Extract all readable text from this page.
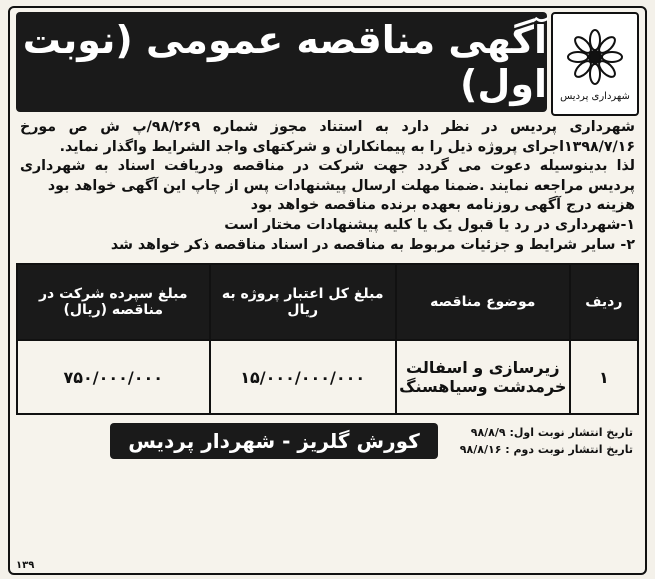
شهرداری پردیس
آگهی مناقصه عمومی (نوبت اول)

شهرداری پردیس در نظر دارد به استناد مجوز شماره ۹۸/۲۶۹/پ ش ص مورخ ۱۳۹۸/۷/۱۶اجرای پروژه ذیل را به پیمانکاران و شرکتهای واجد الشرایط واگذار نماید.

لذا بدینوسیله دعوت می گردد جهت شرکت در مناقصه ودریافت اسناد به شهرداری پردیس مراجعه نمایند .ضمنا مهلت ارسال پیشنهادات پس از چاپ این آگهی خواهد بود

هزینه درج آگهی روزنامه بعهده برنده مناقصه خواهد بود

۱-شهرداری در رد یا قبول یک یا کلیه پیشنهادات مختار است

۲- سایر شرایط و جزئیات مربوط به مناقصه در اسناد مناقصه ذکر خواهد شد

ردیف	موضوع مناقصه	مبلغ کل اعتبار پروژه به ریال	مبلغ سپرده شرکت در مناقصه (ریال)
۱	زیرسازی و اسفالت خرمدشت وسیاهسنگ	۱۵/۰۰۰/۰۰۰/۰۰۰	۷۵۰/۰۰۰/۰۰۰
تاریخ انتشار نوبت اول: ۹۸/۸/۹
تاریخ انتشار نوبت دوم : ۹۸/۸/۱۶
کورش گلریز - شهردار پردیس
۱۳۹
